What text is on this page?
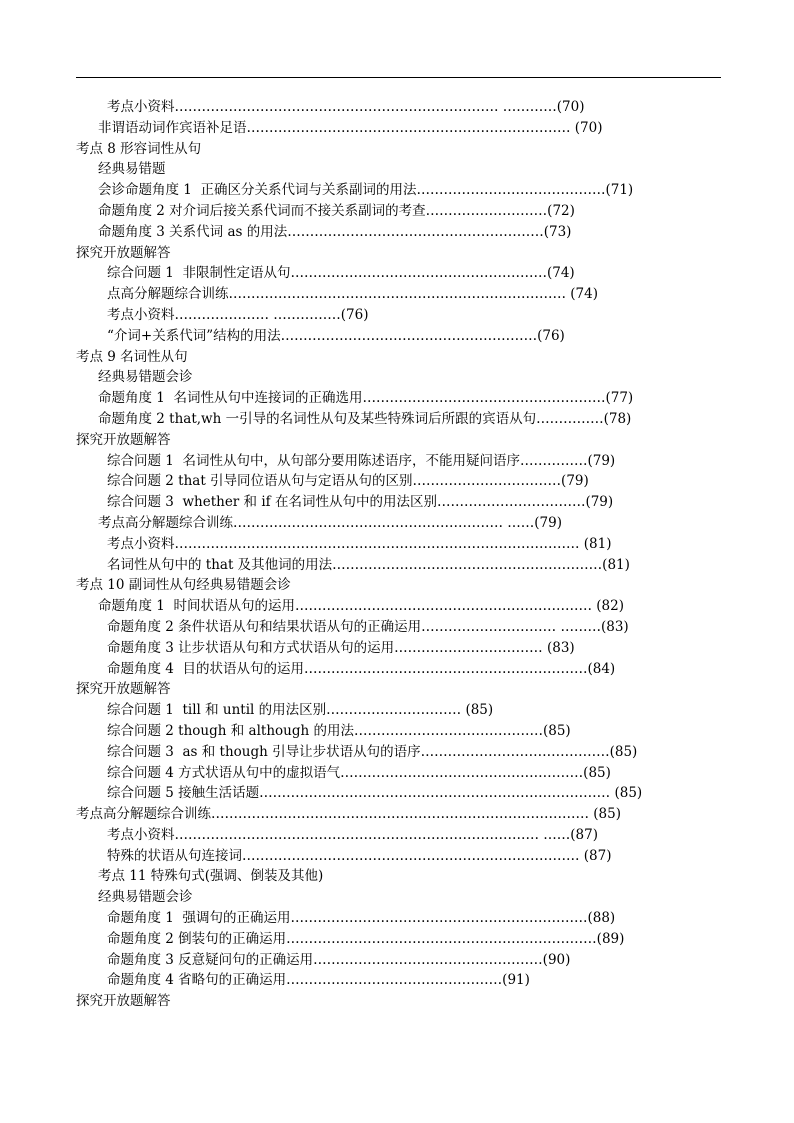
考点小资料……………………………………………………………… …………(70)
非谓语动词作宾语补足语……………………………………………………………… (70)
考点 8 形容词性从句
经典易错题
会诊命题角度 1  正确区分关系代词与关系副词的用法……………………………………(71)
命题角度 2 对介词后接关系代词而不接关系副词的考查………………………(72)
命题角度 3 关系代词 as 的用法…………………………………………………(73)
探究开放题解答
综合问题 1  非限制性定语从句…………………………………………………(74)
点高分解题综合训练………………………………………………………………… (74)
考点小资料………………… ……………(76)
“介词+关系代词”结构的用法…………………………………………………(76)
考点 9 名词性从句
经典易错题会诊
命题角度 1  名词性从句中连接词的正确选用………………………………………………(77)
命题角度 2 that,wh 一引导的名词性从句及某些特殊词后所跟的宾语从句……………(78)
探究开放题解答
综合问题 1  名词性从句中，从句部分要用陈述语序，不能用疑问语序……………(79)
综合问题 2 that 引导同位语从句与定语从句的区别……………………………(79)
综合问题 3  whether 和 if 在名词性从句中的用法区别……………………………(79)
考点高分解题综合训练…………………………………………………… ……(79)
考点小资料……………………………………………………………………………… (81)
名词性从句中的 that 及其他词的用法……………………………………………………(81)
考点 10 副词性从句经典易错题会诊
命题角度 1  时间状语从句的运用………………………………………………………… (82)
命题角度 2 条件状语从句和结果状语从句的正确运用………………………… ………(83)
命题角度 3 让步状语从句和方式状语从句的运用…………………………… (83)
命题角度 4  目的状语从句的运用………………………………………………………(84)
探究开放题解答
综合问题 1  till 和 until 的用法区别………………………… (85)
综合问题 2 though 和 although 的用法……………………………………(85)
综合问题 3  as 和 though 引导让步状语从句的语序……………………………………(85)
综合问题 4 方式状语从句中的虚拟语气………………………………………………(85)
综合问题 5 接触生活话题…………………………………………………………………… (85)
考点高分解题综合训练………………………………………………………………………… (85)
考点小资料……………………………………………………………………… ……(87)
特殊的状语从句连接词………………………………………………………………… (87)
考点 11 特殊句式(强调、倒装及其他)
经典易错题会诊
命题角度 1  强调句的正确运用…………………………………………………………(88)
命题角度 2 倒装句的正确运用……………………………………………………………(89)
命题角度 3 反意疑问句的正确运用……………………………………………(90)
命题角度 4 省略句的正确运用…………………………………………(91)
探究开放题解答
